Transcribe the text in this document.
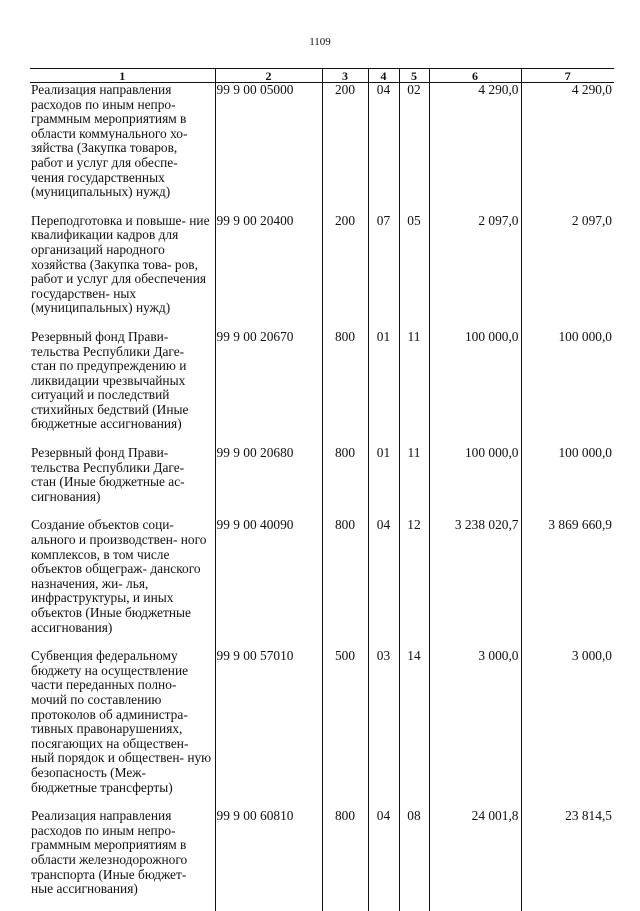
1109
1	2	3	4	5	6	7
Реализация направления расходов по иным непро- граммным мероприятиям в области коммунального хо- зяйства (Закупка товаров, работ и услуг для обеспе- чения государственных (муниципальных) нужд)	99 9 00 05000	200	04	02	4 290,0	4 290,0
Переподготовка и повыше- ние квалификации кадров для организаций народного хозяйства (Закупка това- ров, работ и услуг для обеспечения государствен- ных (муниципальных) нужд)	99 9 00 20400	200	07	05	2 097,0	2 097,0
Резервный фонд Прави- тельства Республики Даге- стан по предупреждению и ликвидации чрезвычайных ситуаций и последствий стихийных бедствий (Иные бюджетные ассигнования)	99 9 00 20670	800	01	11	100 000,0	100 000,0
Резервный фонд Прави- тельства Республики Даге- стан (Иные бюджетные ас- сигнования)	99 9 00 20680	800	01	11	100 000,0	100 000,0
Создание объектов соци- ального и производствен- ного комплексов, в том числе объектов общеграж- данского назначения, жи- лья, инфраструктуры, и иных объектов (Иные бюджетные ассигнования)	99 9 00 40090	800	04	12	3 238 020,7	3 869 660,9
Субвенция федеральному бюджету на осуществление части переданных полно- мочий по составлению протоколов об администра- тивных правонарушениях, посягающих на обществен- ный порядок и обществен- ную безопасность (Меж- бюджетные трансферты)	99 9 00 57010	500	03	14	3 000,0	3 000,0
Реализация направления расходов по иным непро- граммным мероприятиям в области железнодорожного транспорта (Иные бюджет- ные ассигнования)	99 9 00 60810	800	04	08	24 001,8	23 814,5
